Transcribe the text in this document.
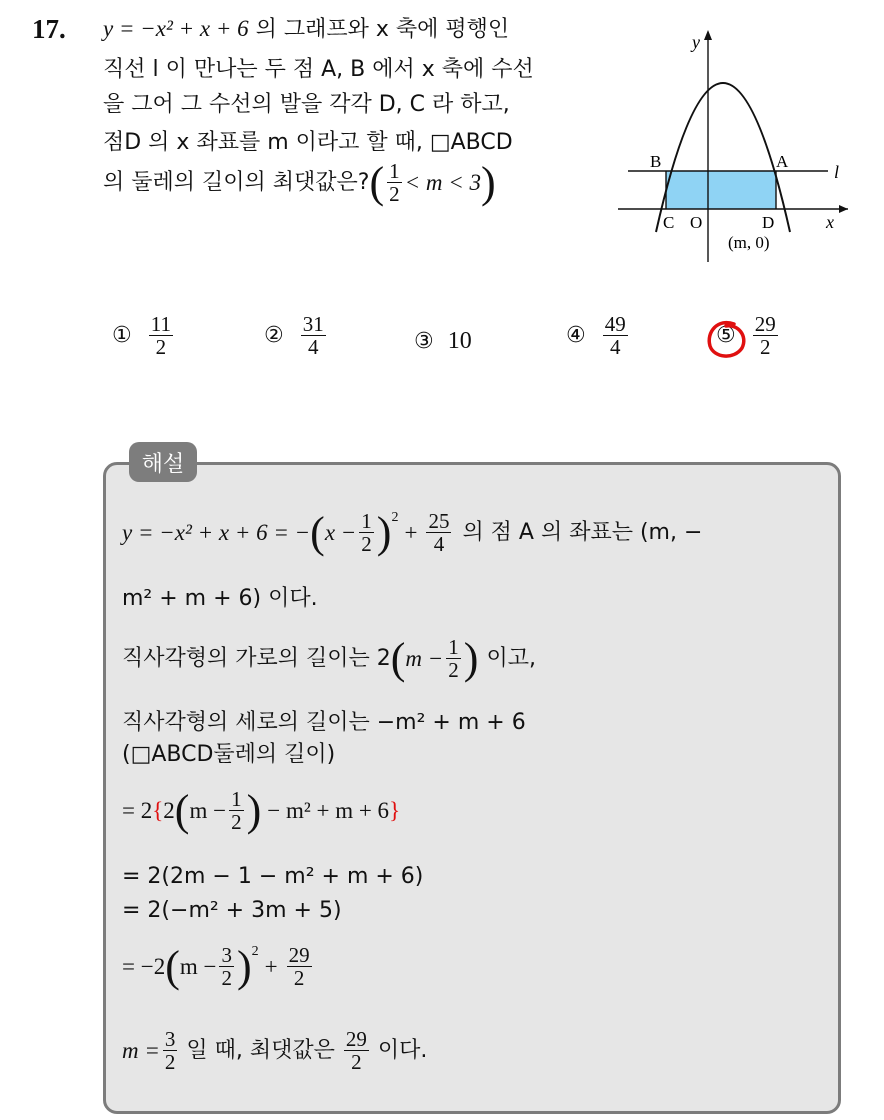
17. y = −x² + x + 6 의 그래프와 x 축에 평행인
직선 l 이 만나는 두 점 A, B 에서 x 축에 수선
을 그어 그 수선의 발을 각각 D, C 라 하고,
점D 의 x 좌표를 m 이라고 할 때, □ABCD
의 둘레의 길이의 최댓값은? ( $\frac{1}{2} < m < 3$ )
y
x
l
B	A
C O	D
(m, 0)
① $\frac{11}{2}$	② $\frac{31}{4}$	③ 10	④ $\frac{49}{4}$	⑤ $\frac{29}{2}$
해설
y = −x² + x + 6 = − ( $x - \frac{1}{2} )^2$
+ $\frac{25}{4}$ 의 점 A 의 좌표는 (m, −
m² + m + 6) 이다.
직사각형의 가로의 길이는 2 ( $m - \frac{1}{2}$ ) 이고,
직사각형의 세로의 길이는 −m² + m + 6
(□ABCD둘레의 길이)
= 2 { 2 ( $m - \frac{1}{2}$ ) − m² + m + 6 }
= 2(2m − 1 − m² + m + 6)
= 2(−m² + 3m + 5)
= −2 ( $m - \frac{3}{2} )^2$
+ $\frac{29}{2}$
$m = \frac{3}{2}$ 일 때, 최댓값은 $\frac{29}{2}$ 이다.
